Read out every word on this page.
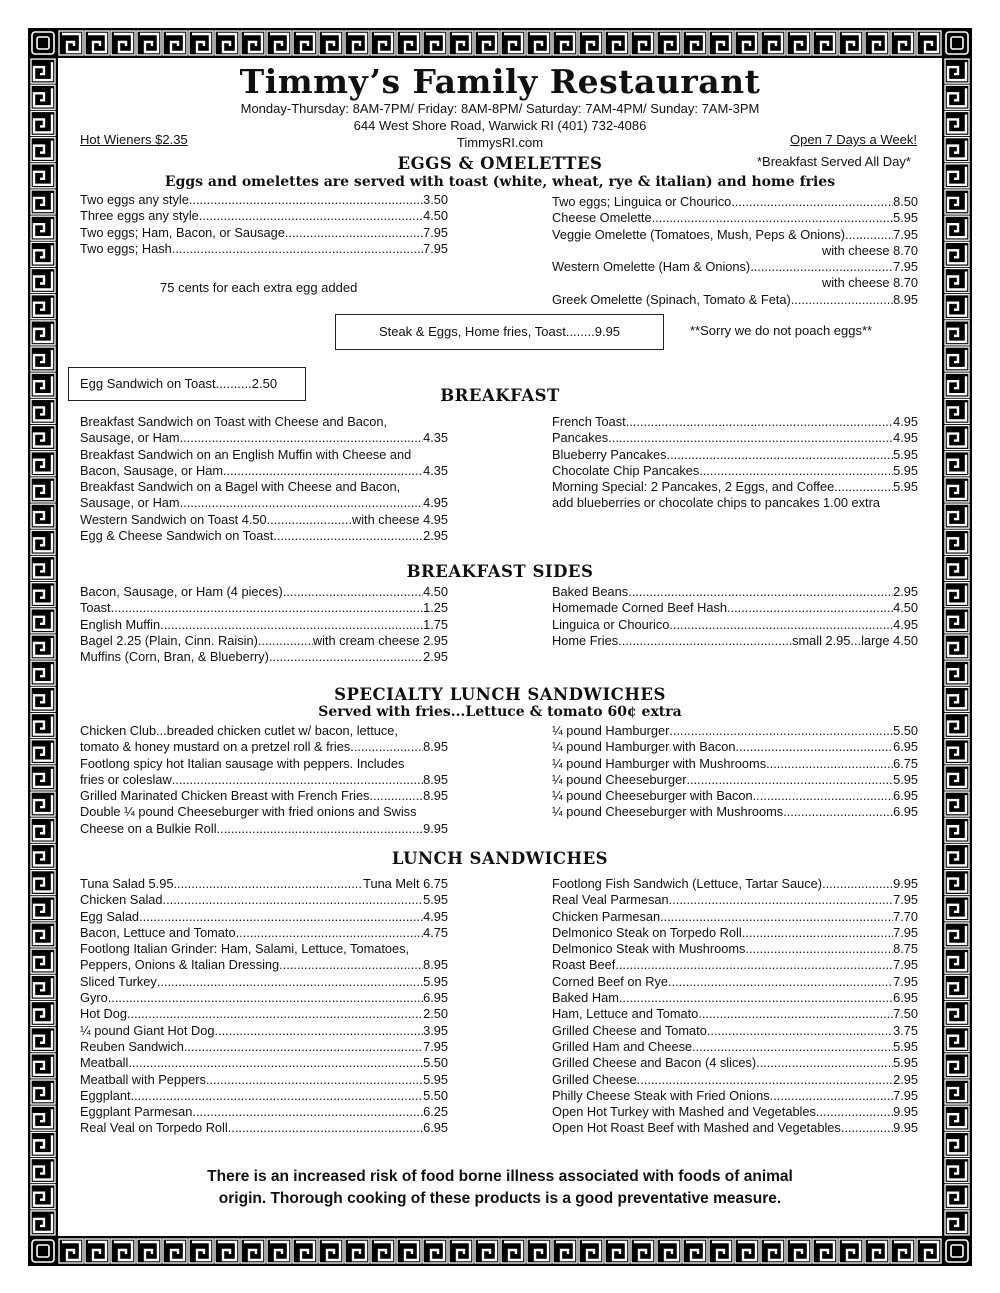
Timmy’s Family Restaurant
Monday-Thursday: 8AM-7PM/ Friday: 8AM-8PM/ Saturday: 7AM-4PM/ Sunday: 7AM-3PM
644 West Shore Road, Warwick RI (401) 732-4086
TimmysRI.com
Hot Wieners $2.35	Open 7 Days a Week!
EGGS & OMELETTES	*Breakfast Served All Day*
Eggs and omelettes are served with toast (white, wheat, rye & italian) and home fries
Two eggs any style .....	3.50
Three eggs any style .....	4.50
Two eggs; Ham, Bacon, or Sausage .....	7.95
Two eggs; Hash .....	7.95
75 cents for each extra egg added
Two eggs; Linguica or Chourico .....	8.50
Cheese Omelette .....	5.95
Veggie Omelette (Tomatoes, Mush, Peps & Onions) .....	7.95
with cheese 8.70
Western Omelette (Ham & Onions) .....	7.95
with cheese 8.70
Greek Omelette (Spinach, Tomato & Feta) .....	8.95
Steak & Eggs, Home fries, Toast........9.95	**Sorry we do not poach eggs**
Egg Sandwich on Toast..........2.50
BREAKFAST
Breakfast Sandwich on Toast with Cheese and Bacon,
Sausage, or Ham .....	4.35
Breakfast Sandwich on an English Muffin with Cheese and
Bacon, Sausage, or Ham .....	4.35
Breakfast Sandwich on a Bagel with Cheese and Bacon,
Sausage, or Ham .....	4.95
Western Sandwich on Toast 4.50 .....	with cheese 4.95
Egg & Cheese Sandwich on Toast .....	2.95
French Toast .....	4.95
Pancakes .....	4.95
Blueberry Pancakes .....	5.95
Chocolate Chip Pancakes .....	5.95
Morning Special: 2 Pancakes, 2 Eggs, and Coffee .....	5.95
add blueberries or chocolate chips to pancakes 1.00 extra
BREAKFAST SIDES
Bacon, Sausage, or Ham (4 pieces) .....	4.50
Toast .....	1.25
English Muffin .....	1.75
Bagel 2.25 (Plain, Cinn. Raisin) .....	with cream cheese 2.95
Muffins (Corn, Bran, & Blueberry) .....	2.95
Baked Beans .....	2.95
Homemade Corned Beef Hash .....	4.50
Linguica or Chourico .....	4.95
Home Fries .....	small 2.95...large 4.50
SPECIALTY LUNCH SANDWICHES
Served with fries...Lettuce & tomato 60¢ extra
Chicken Club...breaded chicken cutlet w/ bacon, lettuce,
tomato & honey mustard on a pretzel roll & fries .....	8.95
Footlong spicy hot Italian sausage with peppers. Includes
fries or coleslaw .....	8.95
Grilled Marinated Chicken Breast with French Fries .....	8.95
Double ¼ pound Cheeseburger with fried onions and Swiss
Cheese on a Bulkie Roll .....	9.95
¼ pound Hamburger .....	5.50
¼ pound Hamburger with Bacon .....	6.95
¼ pound Hamburger with Mushrooms .....	6.75
¼ pound Cheeseburger .....	5.95
¼ pound Cheeseburger with Bacon .....	6.95
¼ pound Cheeseburger with Mushrooms .....	6.95
LUNCH SANDWICHES
Tuna Salad 5.95 .....	Tuna Melt 6.75
Chicken Salad .....	5.95
Egg Salad .....	4.95
Bacon, Lettuce and Tomato .....	4.75
Footlong Italian Grinder: Ham, Salami, Lettuce, Tomatoes,
Peppers, Onions & Italian Dressing .....	8.95
Sliced Turkey .....	5.95
Gyro .....	6.95
Hot Dog .....	2.50
¼ pound Giant Hot Dog .....	3.95
Reuben Sandwich .....	7.95
Meatball .....	5.50
Meatball with Peppers .....	5.95
Eggplant .....	5.50
Eggplant Parmesan .....	6.25
Real Veal on Torpedo Roll .....	6.95
Footlong Fish Sandwich (Lettuce, Tartar Sauce) .....	9.95
Real Veal Parmesan .....	7.95
Chicken Parmesan .....	7.70
Delmonico Steak on Torpedo Roll .....	7.95
Delmonico Steak with Mushrooms .....	8.75
Roast Beef .....	7.95
Corned Beef on Rye .....	7.95
Baked Ham .....	6.95
Ham, Lettuce and Tomato .....	7.50
Grilled Cheese and Tomato .....	3.75
Grilled Ham and Cheese .....	5.95
Grilled Cheese and Bacon (4 slices) .....	5.95
Grilled Cheese .....	2.95
Philly Cheese Steak with Fried Onions .....	7.95
Open Hot Turkey with Mashed and Vegetables .....	9.95
Open Hot Roast Beef with Mashed and Vegetables .....	9.95
There is an increased risk of food borne illness associated with foods of animal
origin. Thorough cooking of these products is a good preventative measure.
